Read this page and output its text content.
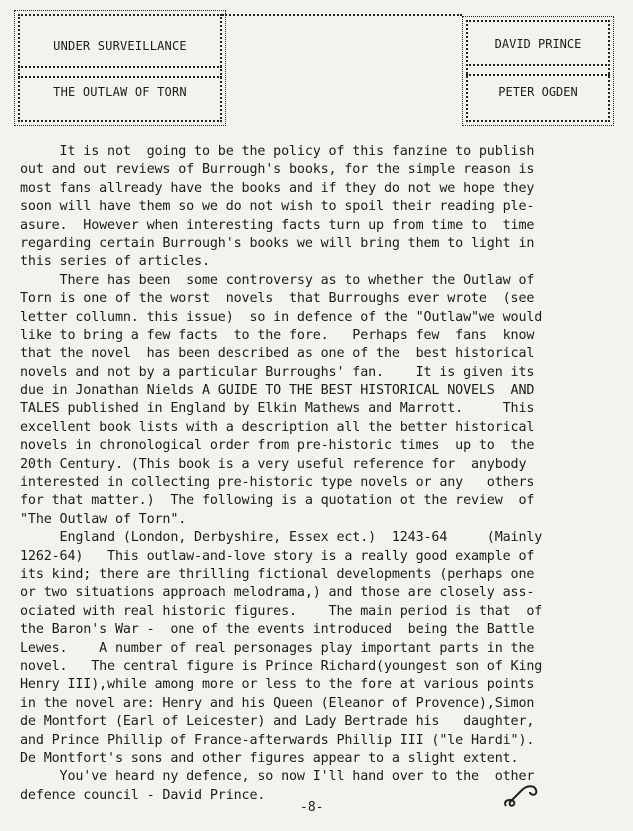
UNDER SURVEILLANCE
THE OUTLAW OF TORN
DAVID PRINCE
PETER OGDEN
It is not  going to be the policy of this fanzine to publish
out and out reviews of Burrough's books, for the simple reason is
most fans allready have the books and if they do not we hope they
soon will have them so we do not wish to spoil their reading ple-
asure.  However when interesting facts turn up from time to  time
regarding certain Burrough's books we will bring them to light in
this series of articles.
There has been  some controversy as to whether the Outlaw of
Torn is one of the worst  novels  that Burroughs ever wrote  (see
letter collumn. this issue)  so in defence of the "Outlaw"we would
like to bring a few facts  to the fore.   Perhaps few  fans  know
that the novel  has been described as one of the  best historical
novels and not by a particular Burroughs' fan.    It is given its
due in Jonathan Nields A GUIDE TO THE BEST HISTORICAL NOVELS  AND
TALES published in England by Elkin Mathews and Marrott.     This
excellent book lists with a description all the better historical
novels in chronological order from pre-historic times  up to  the
20th Century. (This book is a very useful reference for  anybody
interested in collecting pre-historic type novels or any   others
for that matter.)  The following is a quotation ot the review  of
"The Outlaw of Torn".
England (London, Derbyshire, Essex ect.)  1243-64     (Mainly
1262-64)   This outlaw-and-love story is a really good example of
its kind; there are thrilling fictional developments (perhaps one
or two situations approach melodrama,) and those are closely ass-
ociated with real historic figures.    The main period is that  of
the Baron's War -  one of the events introduced  being the Battle
Lewes.    A number of real personages play important parts in the
novel.   The central figure is Prince Richard(youngest son of King
Henry III),while among more or less to the fore at various points
in the novel are: Henry and his Queen (Eleanor of Provence),Simon
de Montfort (Earl of Leicester) and Lady Bertrade his   daughter,
and Prince Phillip of France-afterwards Phillip III ("le Hardi").
De Montfort's sons and other figures appear to a slight extent.
You've heard ny defence, so now I'll hand over to the  other
defence council - David Prince.
-8-
